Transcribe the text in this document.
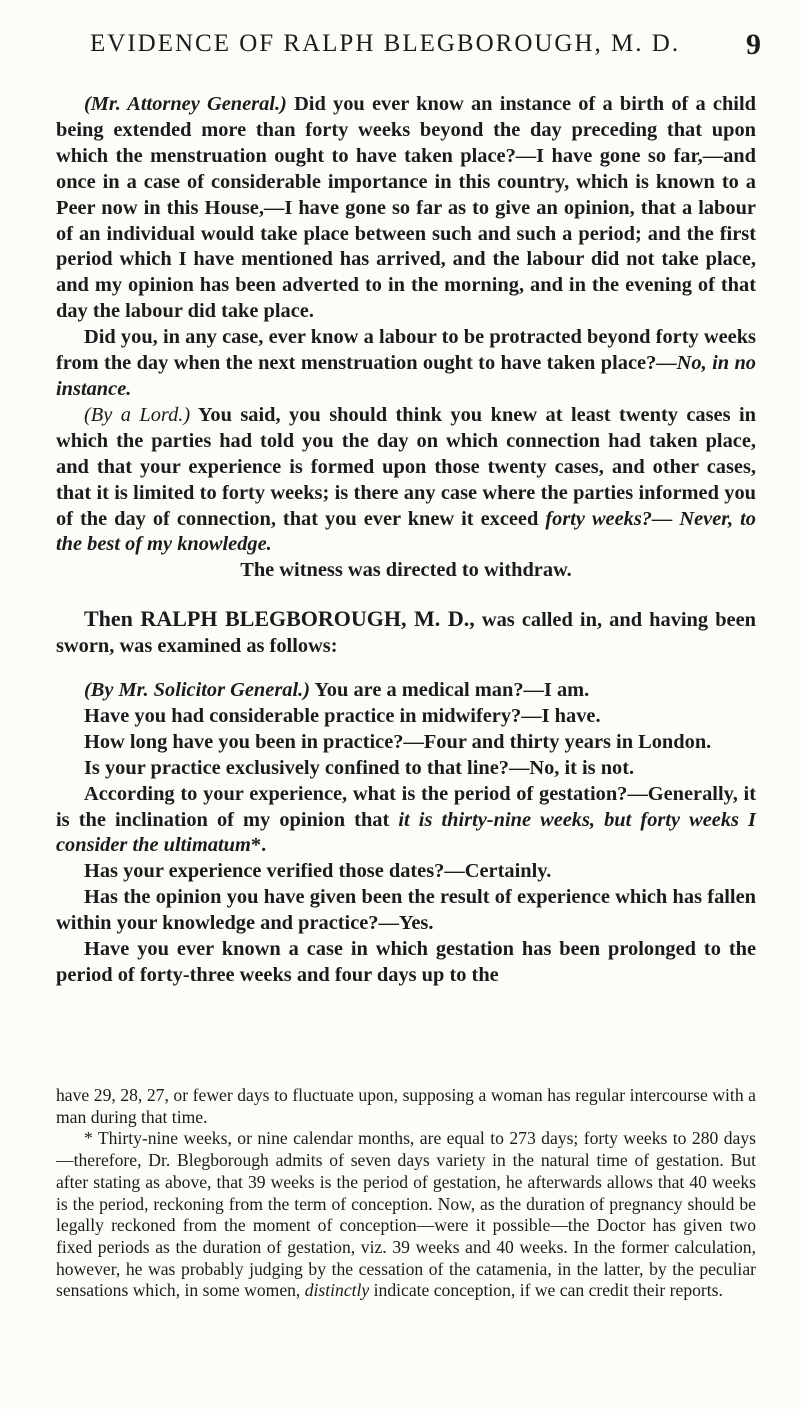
EVIDENCE OF RALPH BLEGBOROUGH, M. D. 9

(Mr. Attorney General.) Did you ever know an instance of a birth of a child being extended more than forty weeks beyond the day preceding that upon which the menstruation ought to have taken place?—I have gone so far,—and once in a case of considerable importance in this country, which is known to a Peer now in this House,—I have gone so far as to give an opinion, that a labour of an individual would take place between such and such a period; and the first period which I have mentioned has arrived, and the labour did not take place, and my opinion has been adverted to in the morning, and in the evening of that day the labour did take place.

Did you, in any case, ever know a labour to be protracted beyond forty weeks from the day when the next menstruation ought to have taken place?—No, in no instance.

(By a Lord.) You said, you should think you knew at least twenty cases in which the parties had told you the day on which connection had taken place, and that your experience is formed upon those twenty cases, and other cases, that it is limited to forty weeks; is there any case where the parties informed you of the day of connection, that you ever knew it exceed forty weeks?— Never, to the best of my knowledge.

The witness was directed to withdraw.

Then RALPH BLEGBOROUGH, M. D., was called in, and having been sworn, was examined as follows:

(By Mr. Solicitor General.) You are a medical man?—I am.

Have you had considerable practice in midwifery?—I have.

How long have you been in practice?—Four and thirty years in London.

Is your practice exclusively confined to that line?—No, it is not.

According to your experience, what is the period of gestation?—Generally, it is the inclination of my opinion that it is thirty-nine weeks, but forty weeks I consider the ultimatum*.

Has your experience verified those dates?—Certainly.

Has the opinion you have given been the result of experience which has fallen within your knowledge and practice?—Yes.

Have you ever known a case in which gestation has been prolonged to the period of forty-three weeks and four days up to the

have 29, 28, 27, or fewer days to fluctuate upon, supposing a woman has regular intercourse with a man during that time.

* Thirty-nine weeks, or nine calendar months, are equal to 273 days; forty weeks to 280 days—therefore, Dr. Blegborough admits of seven days variety in the natural time of gestation. But after stating as above, that 39 weeks is the period of gestation, he afterwards allows that 40 weeks is the period, reckoning from the term of conception. Now, as the duration of pregnancy should be legally reckoned from the moment of conception—were it possible—the Doctor has given two fixed periods as the duration of gestation, viz. 39 weeks and 40 weeks. In the former calculation, however, he was probably judging by the cessation of the catamenia, in the latter, by the peculiar sensations which, in some women, distinctly indicate conception, if we can credit their reports.
